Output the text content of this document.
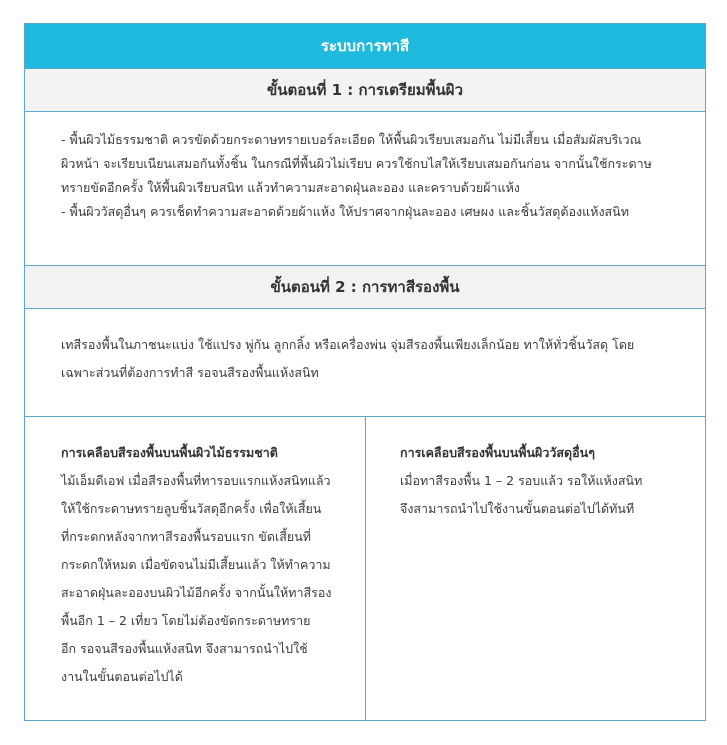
ระบบการทาสี
ขั้นตอนที่ 1 : การเตรียมพื้นผิว

- พื้นผิวไม้ธรรมชาติ ควรขัดด้วยกระดาษทรายเบอร์ละเอียด ให้พื้นผิวเรียบเสมอกัน ไม่มีเสี้ยน เมื่อสัมผัสบริเวณ

ผิวหน้า จะเรียบเนียนเสมอกันทั้งชิ้น ในกรณีที่พื้นผิวไม่เรียบ ควรใช้กบไสให้เรียบเสมอกันก่อน จากนั้นใช้กระดาษ

ทรายขัดอีกครั้ง ให้พื้นผิวเรียบสนิท แล้วทำความสะอาดฝุ่นละออง และคราบด้วยผ้าแห้ง

- พื้นผิววัสดุอื่นๆ ควรเช็ดทำความสะอาดด้วยผ้าแห้ง ให้ปราศจากฝุ่นละออง เศษผง และชิ้นวัสดุต้องแห้งสนิท

ขั้นตอนที่ 2 : การทาสีรองพื้น
เทสีรองพื้นในภาชนะแบ่ง ใช้แปรง พู่กัน ลูกกลิ้ง หรือเครื่องพ่น จุ่มสีรองพื้นเพียงเล็กน้อย ทาให้ทั่วชิ้นวัสดุ โดย เฉพาะส่วนที่ต้องการทำสี รอจนสีรองพื้นแห้งสนิท
การเคลือบสีรองพื้นบนพื้นผิวไม้ธรรมชาติ
ไม้เอ็มดีเอฟ เมื่อสีรองพื้นที่ทารอบแรกแห้งสนิทแล้ว
ให้ใช้กระดาษทรายลูบชิ้นวัสดุอีกครั้ง เพื่อให้เสี้ยน
ที่กระดกหลังจากทาสีรองพื้นรอบแรก ขัดเสี้ยนที่
กระดกให้หมด เมื่อขัดจนไม่มีเสี้ยนแล้ว ให้ทำความ
สะอาดฝุ่นละอองบนผิวไม้อีกครั้ง จากนั้นให้ทาสีรอง
พื้นอีก 1 – 2 เที่ยว โดยไม่ต้องขัดกระดาษทราย
อีก รอจนสีรองพื้นแห้งสนิท จึงสามารถนำไปใช้
งานในขั้นตอนต่อไปได้
การเคลือบสีรองพื้นบนพื้นผิววัสดุอื่นๆ
เมื่อทาสีรองพื้น 1 – 2 รอบแล้ว รอให้แห้งสนิท
จึงสามารถนำไปใช้งานขั้นตอนต่อไปได้ทันที
